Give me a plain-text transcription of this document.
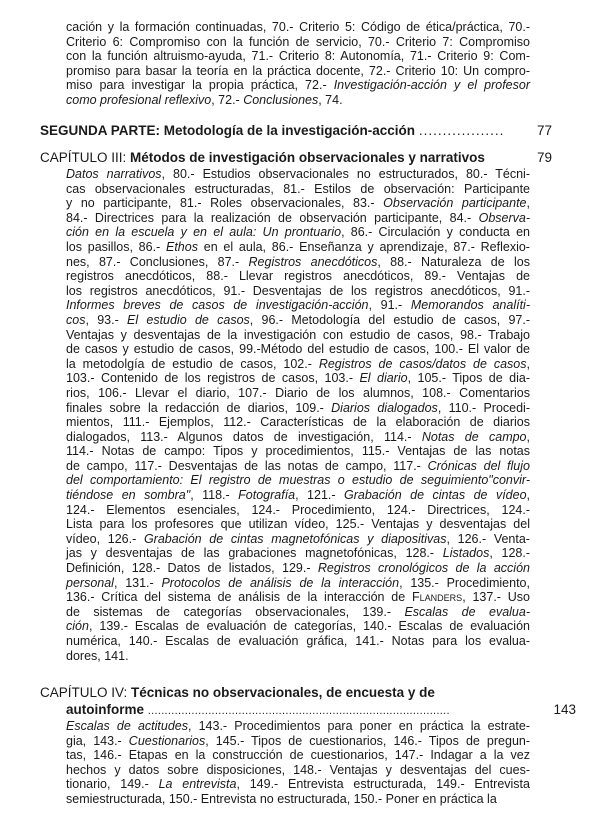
cación y la formación continuadas, 70.- Criterio 5: Código de ética/práctica, 70.-
Criterio 6: Compromiso con la función de servicio, 70.- Criterio 7: Compromiso
con la función altruismo-ayuda, 71.- Criterio 8: Autonomía, 71.- Criterio 9: Com-
promiso para basar la teoría en la práctica docente, 72.- Criterio 10: Un compro-
miso para investigar la propia práctica, 72.- Investigación-acción y el profesor
como profesional reflexivo, 72.- Conclusiones, 74.
SEGUNDA PARTE: Metodología de la investigación-acción .................. 77
CAPÍTULO III: Métodos de investigación observacionales y narrativos	79
Datos narrativos, 80.- Estudios observacionales no estructurados, 80.- Técni-
cas observacionales estructuradas, 81.- Estilos de observación: Participante
y no participante, 81.- Roles observacionales, 83.- Observación participante,
84.- Directrices para la realización de observación participante, 84.- Observa-
ción en la escuela y en el aula: Un prontuario, 86.- Circulación y conducta en
los pasillos, 86.- Ethos en el aula, 86.- Enseñanza y aprendizaje, 87.- Reflexio-
nes, 87.- Conclusiones, 87.- Registros anecdóticos, 88.- Naturaleza de los
registros anecdóticos, 88.- Llevar registros anecdóticos, 89.- Ventajas de
los registros anecdóticos, 91.- Desventajas de los registros anecdóticos, 91.-
Informes breves de casos de investigación-acción, 91.- Memorandos analíti-
cos, 93.- El estudio de casos, 96.- Metodología del estudio de casos, 97.-
Ventajas y desventajas de la investigación con estudio de casos, 98.- Trabajo
de casos y estudio de casos, 99.-Método del estudio de casos, 100.- El valor de
la metodolgía de estudio de casos, 102.- Registros de casos/datos de casos,
103.- Contenido de los registros de casos, 103.- El diario, 105.- Tipos de dia-
rios, 106.- Llevar el diario, 107.- Diario de los alumnos, 108.- Comentarios
finales sobre la redacción de diarios, 109.- Diarios dialogados, 110.- Procedi-
mientos, 111.- Ejemplos, 112.- Características de la elaboración de diarios
dialogados, 113.- Algunos datos de investigación, 114.- Notas de campo,
114.- Notas de campo: Tipos y procedimientos, 115.- Ventajas de las notas
de campo, 117.- Desventajas de las notas de campo, 117.- Crónicas del flujo
del comportamiento: El registro de muestras o estudio de seguimiento"convir-
tiéndose en sombra", 118.- Fotografía, 121.- Grabación de cintas de vídeo,
124.- Elementos esenciales, 124.- Procedimiento, 124.- Directrices, 124.-
Lista para los profesores que utilizan vídeo, 125.- Ventajas y desventajas del
vídeo, 126.- Grabación de cintas magnetofónicas y diapositivas, 126.- Venta-
jas y desventajas de las grabaciones magnetofónicas, 128.- Listados, 128.-
Definición, 128.- Datos de listados, 129.- Registros cronológicos de la acción
personal, 131.- Protocolos de análisis de la interacción, 135.- Procedimiento,
136.- Crítica del sistema de análisis de la interacción de Flanders, 137.- Uso
de sistemas de categorías observacionales, 139.- Escalas de evalua-
ción, 139.- Escalas de evaluación de categorías, 140.- Escalas de evaluación
numérica, 140.- Escalas de evaluación gráfica, 141.- Notas para los evalua-
dores, 141.
CAPÍTULO IV: Técnicas no observacionales, de encuesta y de
autoinforme ..........................................................................................	143
Escalas de actitudes, 143.- Procedimientos para poner en práctica la estrate-
gia, 143.- Cuestionarios, 145.- Tipos de cuestionarios, 146.- Tipos de pregun-
tas, 146.- Etapas en la construcción de cuestionarios, 147.- Indagar a la vez
hechos y datos sobre disposiciones, 148.- Ventajas y desventajas del cues-
tionario, 149.- La entrevista, 149.- Entrevista estructurada, 149.- Entrevista
semiestructurada, 150.- Entrevista no estructurada, 150.- Poner en práctica la
